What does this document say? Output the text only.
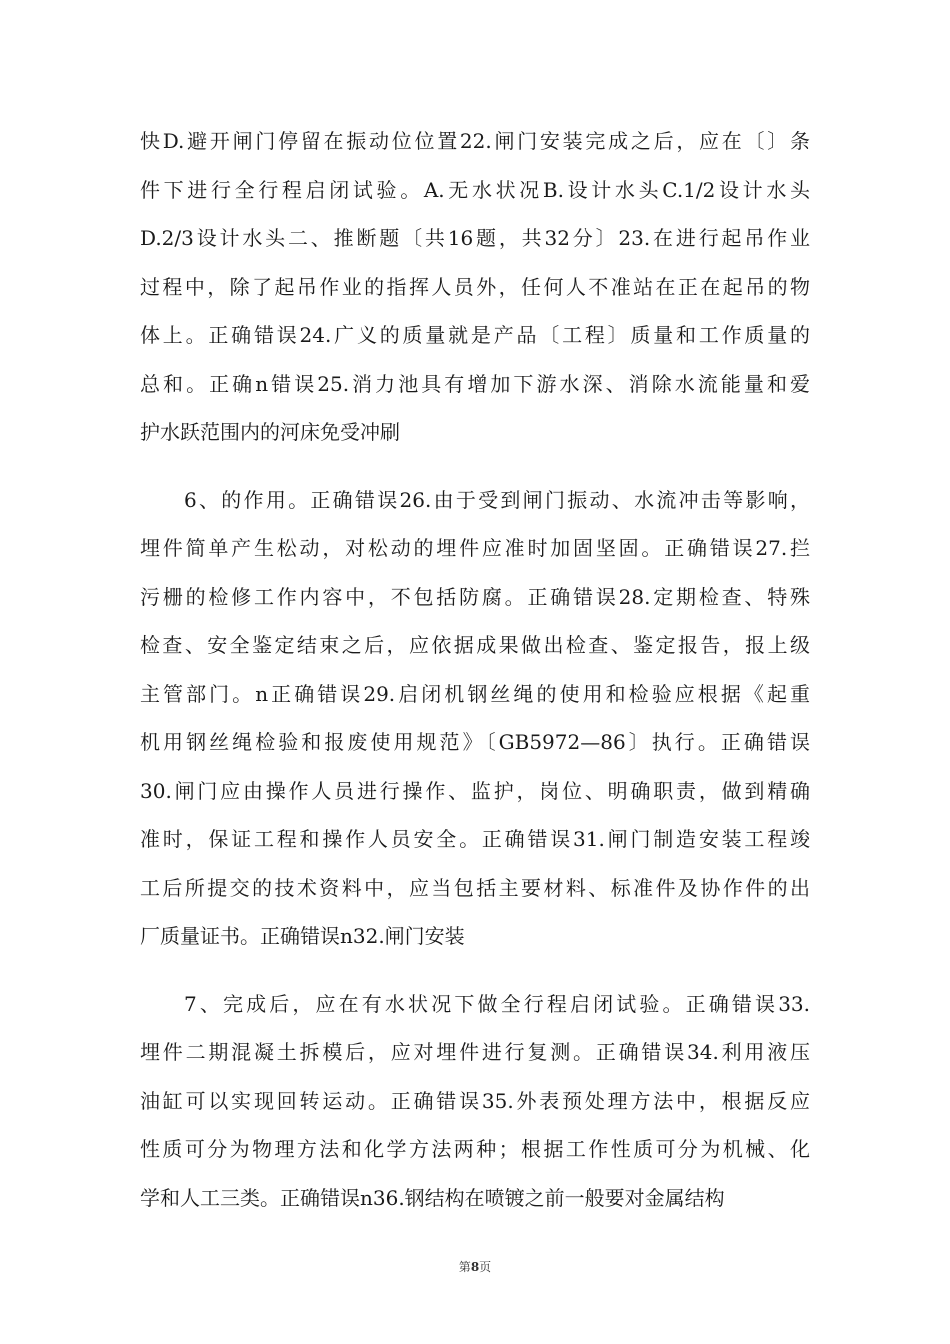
快D.避开闸门停留在振动位位置22.闸门安装完成之后，应在〔〕条
件下进行全行程启闭试验。A.无水状况B.设计水头C.1/2设计水头
D.2/3设计水头二、推断题〔共16题，共32分〕23.在进行起吊作业
过程中，除了起吊作业的指挥人员外，任何人不准站在正在起吊的物
体上。正确错误24.广义的质量就是产品〔工程〕质量和工作质量的
总和。正确n错误25.消力池具有增加下游水深、消除水流能量和爱
护水跃范围内的河床免受冲刷
6、的作用。正确错误26.由于受到闸门振动、水流冲击等影响，
埋件简单产生松动，对松动的埋件应准时加固坚固。正确错误27.拦
污栅的检修工作内容中，不包括防腐。正确错误28.定期检查、特殊
检查、安全鉴定结束之后，应依据成果做出检查、鉴定报告，报上级
主管部门。n正确错误29.启闭机钢丝绳的使用和检验应根据《起重
机用钢丝绳检验和报废使用规范》〔GB5972—86〕执行。正确错误
30.闸门应由操作人员进行操作、监护，岗位、明确职责，做到精确
准时，保证工程和操作人员安全。正确错误31.闸门制造安装工程竣
工后所提交的技术资料中，应当包括主要材料、标准件及协作件的出
厂质量证书。正确错误n32.闸门安装
7、完成后，应在有水状况下做全行程启闭试验。正确错误33.
埋件二期混凝土拆模后，应对埋件进行复测。正确错误34.利用液压
油缸可以实现回转运动。正确错误35.外表预处理方法中，根据反应
性质可分为物理方法和化学方法两种；根据工作性质可分为机械、化
学和人工三类。正确错误n36.钢结构在喷镀之前一般要对金属结构
第8页
